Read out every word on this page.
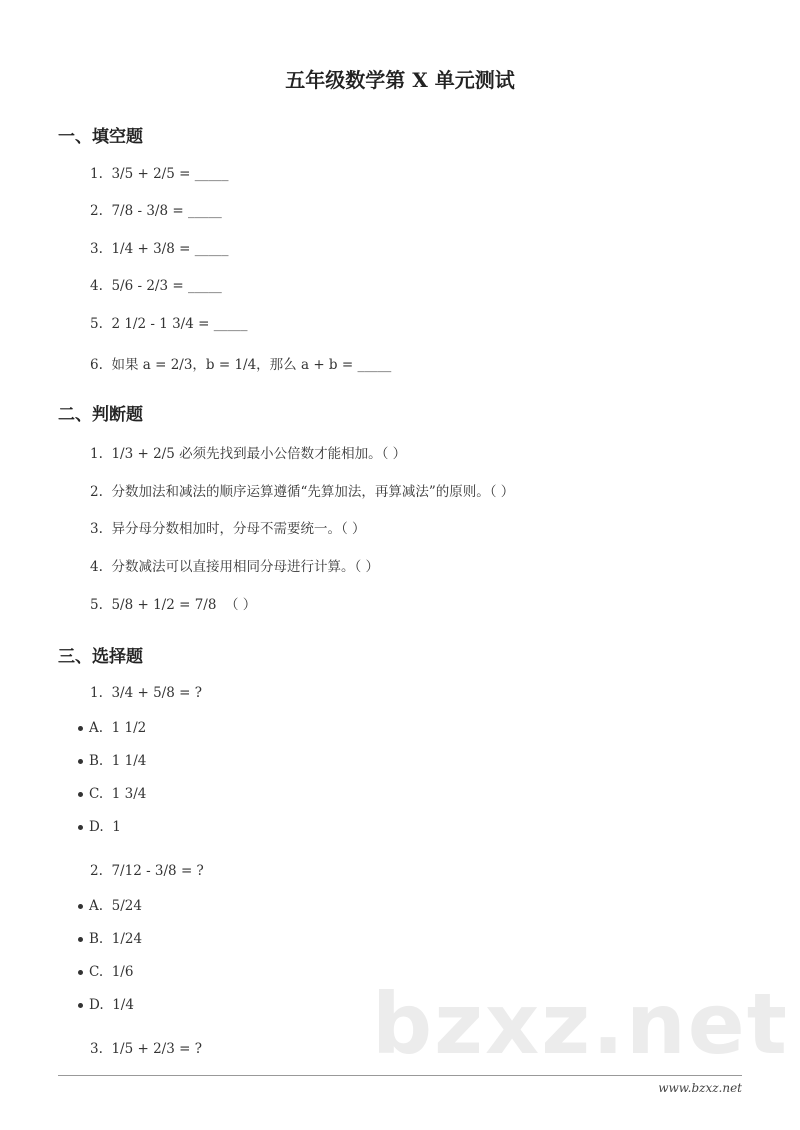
五年级数学第 X 单元测试
一、填空题
1.  3/5 + 2/5 = _____
2.  7/8 - 3/8 = _____
3.  1/4 + 3/8 = _____
4.  5/6 - 2/3 = _____
5.  2 1/2 - 1 3/4 = _____
6.  如果 a = 2/3，b = 1/4，那么 a + b = _____
二、判断题
1.  1/3 + 2/5 必须先找到最小公倍数才能相加。（ ）
2.  分数加法和减法的顺序运算遵循“先算加法，再算减法”的原则。（ ）
3.  异分母分数相加时，分母不需要统一。（ ）
4.  分数减法可以直接用相同分母进行计算。（ ）
5.  5/8 + 1/2 = 7/8  （ ）
三、选择题
1.  3/4 + 5/8 = ?
A.  1 1/2
B.  1 1/4
C.  1 3/4
D.  1
2.  7/12 - 3/8 = ?
A.  5/24
B.  1/24
C.  1/6
D.  1/4	bzxz.net
3.  1/5 + 2/3 = ?
www.bzxz.net
